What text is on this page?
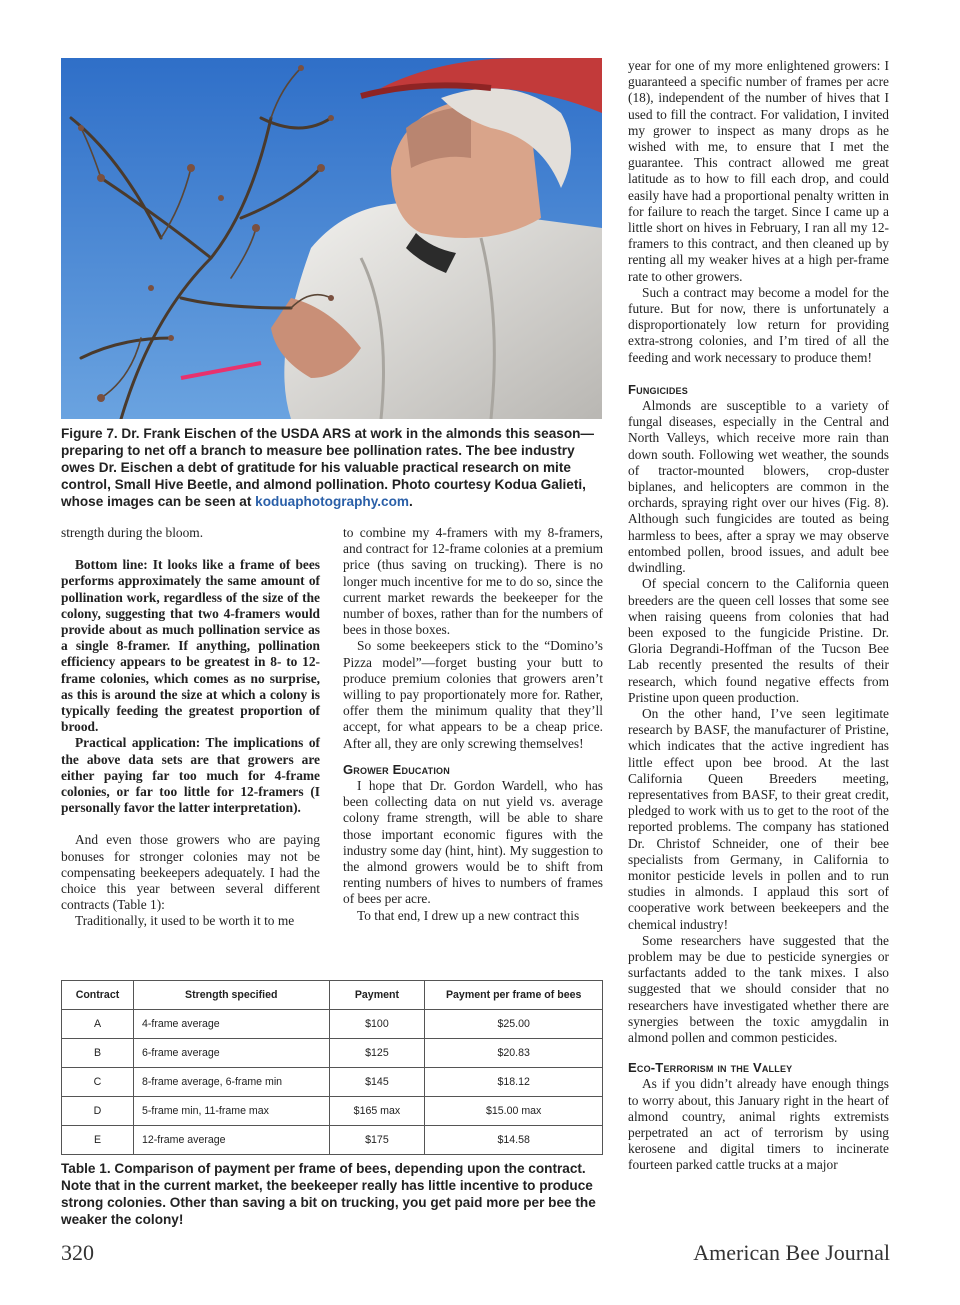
Figure 7. Dr. Frank Eischen of the USDA ARS at work in the almonds this season—preparing to net off a branch to measure bee pollination rates. The bee industry owes Dr. Eischen a debt of gratitude for his valuable practical research on mite control, Small Hive Beetle, and almond pollination. Photo courtesy Kodua Galieti, whose images can be seen at koduaphotography.com.

strength during the bloom.

Bottom line: It looks like a frame of bees performs approximately the same amount of pollination work, regardless of the size of the colony, suggesting that two 4-framers would provide about as much pollination service as a single 8-framer. If anything, pollination efficiency appears to be greatest in 8- to 12-frame colonies, which comes as no surprise, as this is around the size at which a colony is typically feeding the greatest proportion of brood.

Practical application: The implications of the above data sets are that growers are either paying far too much for 4-frame colonies, or far too little for 12-framers (I personally favor the latter interpretation).

And even those growers who are paying bonuses for stronger colonies may not be compensating beekeepers adequately. I had the choice this year between several different contracts (Table 1):

Traditionally, it used to be worth it to me

to combine my 4-framers with my 8-framers, and contract for 12-frame colonies at a premium price (thus saving on trucking). There is no longer much incentive for me to do so, since the current market rewards the beekeeper for the number of boxes, rather than for the numbers of bees in those boxes.

So some beekeepers stick to the “Domino’s Pizza model”—forget busting your butt to produce premium colonies that growers aren’t willing to pay proportionately more for. Rather, offer them the minimum quality that they’ll accept, for what appears to be a cheap price. After all, they are only screwing themselves!

Grower Education

I hope that Dr. Gordon Wardell, who has been collecting data on nut yield vs. average colony frame strength, will be able to share those important economic figures with the industry some day (hint, hint). My suggestion to the almond growers would be to shift from renting numbers of hives to numbers of frames of bees per acre.

To that end, I drew up a new contract this

year for one of my more enlightened growers: I guaranteed a specific number of frames per acre (18), independent of the number of hives that I used to fill the contract. For validation, I invited my grower to inspect as many drops as he wished with me, to ensure that I met the guarantee. This contract allowed me great latitude as to how to fill each drop, and could easily have had a proportional penalty written in for failure to reach the target. Since I came up a little short on hives in February, I ran all my 12-framers to this contract, and then cleaned up by renting all my weaker hives at a high per-frame rate to other growers.

Such a contract may become a model for the future. But for now, there is unfortunately a disproportionately low return for providing extra-strong colonies, and I’m tired of all the feeding and work necessary to produce them!

Fungicides

Almonds are susceptible to a variety of fungal diseases, especially in the Central and North Valleys, which receive more rain than down south. Following wet weather, the sounds of tractor-mounted blowers, crop-duster biplanes, and helicopters are common in the orchards, spraying right over our hives (Fig. 8). Although such fungicides are touted as being harmless to bees, after a spray we may observe entombed pollen, brood issues, and adult bee dwindling.

Of special concern to the California queen breeders are the queen cell losses that some see when raising queens from colonies that had been exposed to the fungicide Pristine. Dr. Gloria Degrandi-Hoffman of the Tucson Bee Lab recently presented the results of their research, which found negative effects from Pristine upon queen production.

On the other hand, I’ve seen legitimate research by BASF, the manufacturer of Pristine, which indicates that the active ingredient has little effect upon bee brood. At the last California Queen Breeders meeting, representatives from BASF, to their great credit, pledged to work with us to get to the root of the reported problems. The company has stationed Dr. Christof Schneider, one of their bee specialists from Germany, in California to monitor pesticide levels in pollen and to run studies in almonds. I applaud this sort of cooperative work between beekeepers and the chemical industry!

Some researchers have suggested that the problem may be due to pesticide synergies or surfactants added to the tank mixes. I also suggested that we should consider that no researchers have investigated whether there are synergies between the toxic amygdalin in almond pollen and common pesticides.

Eco-Terrorism in the Valley

As if you didn’t already have enough things to worry about, this January right in the heart of almond country, animal rights extremists perpetrated an act of terrorism by using kerosene and digital timers to incinerate fourteen parked cattle trucks at a major

Contract	Strength specified	Payment	Payment per frame of bees
A	4-frame average	$100	$25.00
B	6-frame average	$125	$20.83
C	8-frame average, 6-frame min	$145	$18.12
D	5-frame min, 11-frame max	$165 max	$15.00 max
E	12-frame average	$175	$14.58
Table 1. Comparison of payment per frame of bees, depending upon the contract. Note that in the current market, the beekeeper really has little incentive to produce strong colonies. Other than saving a bit on trucking, you get paid more per bee the weaker the colony!
320	American Bee Journal
